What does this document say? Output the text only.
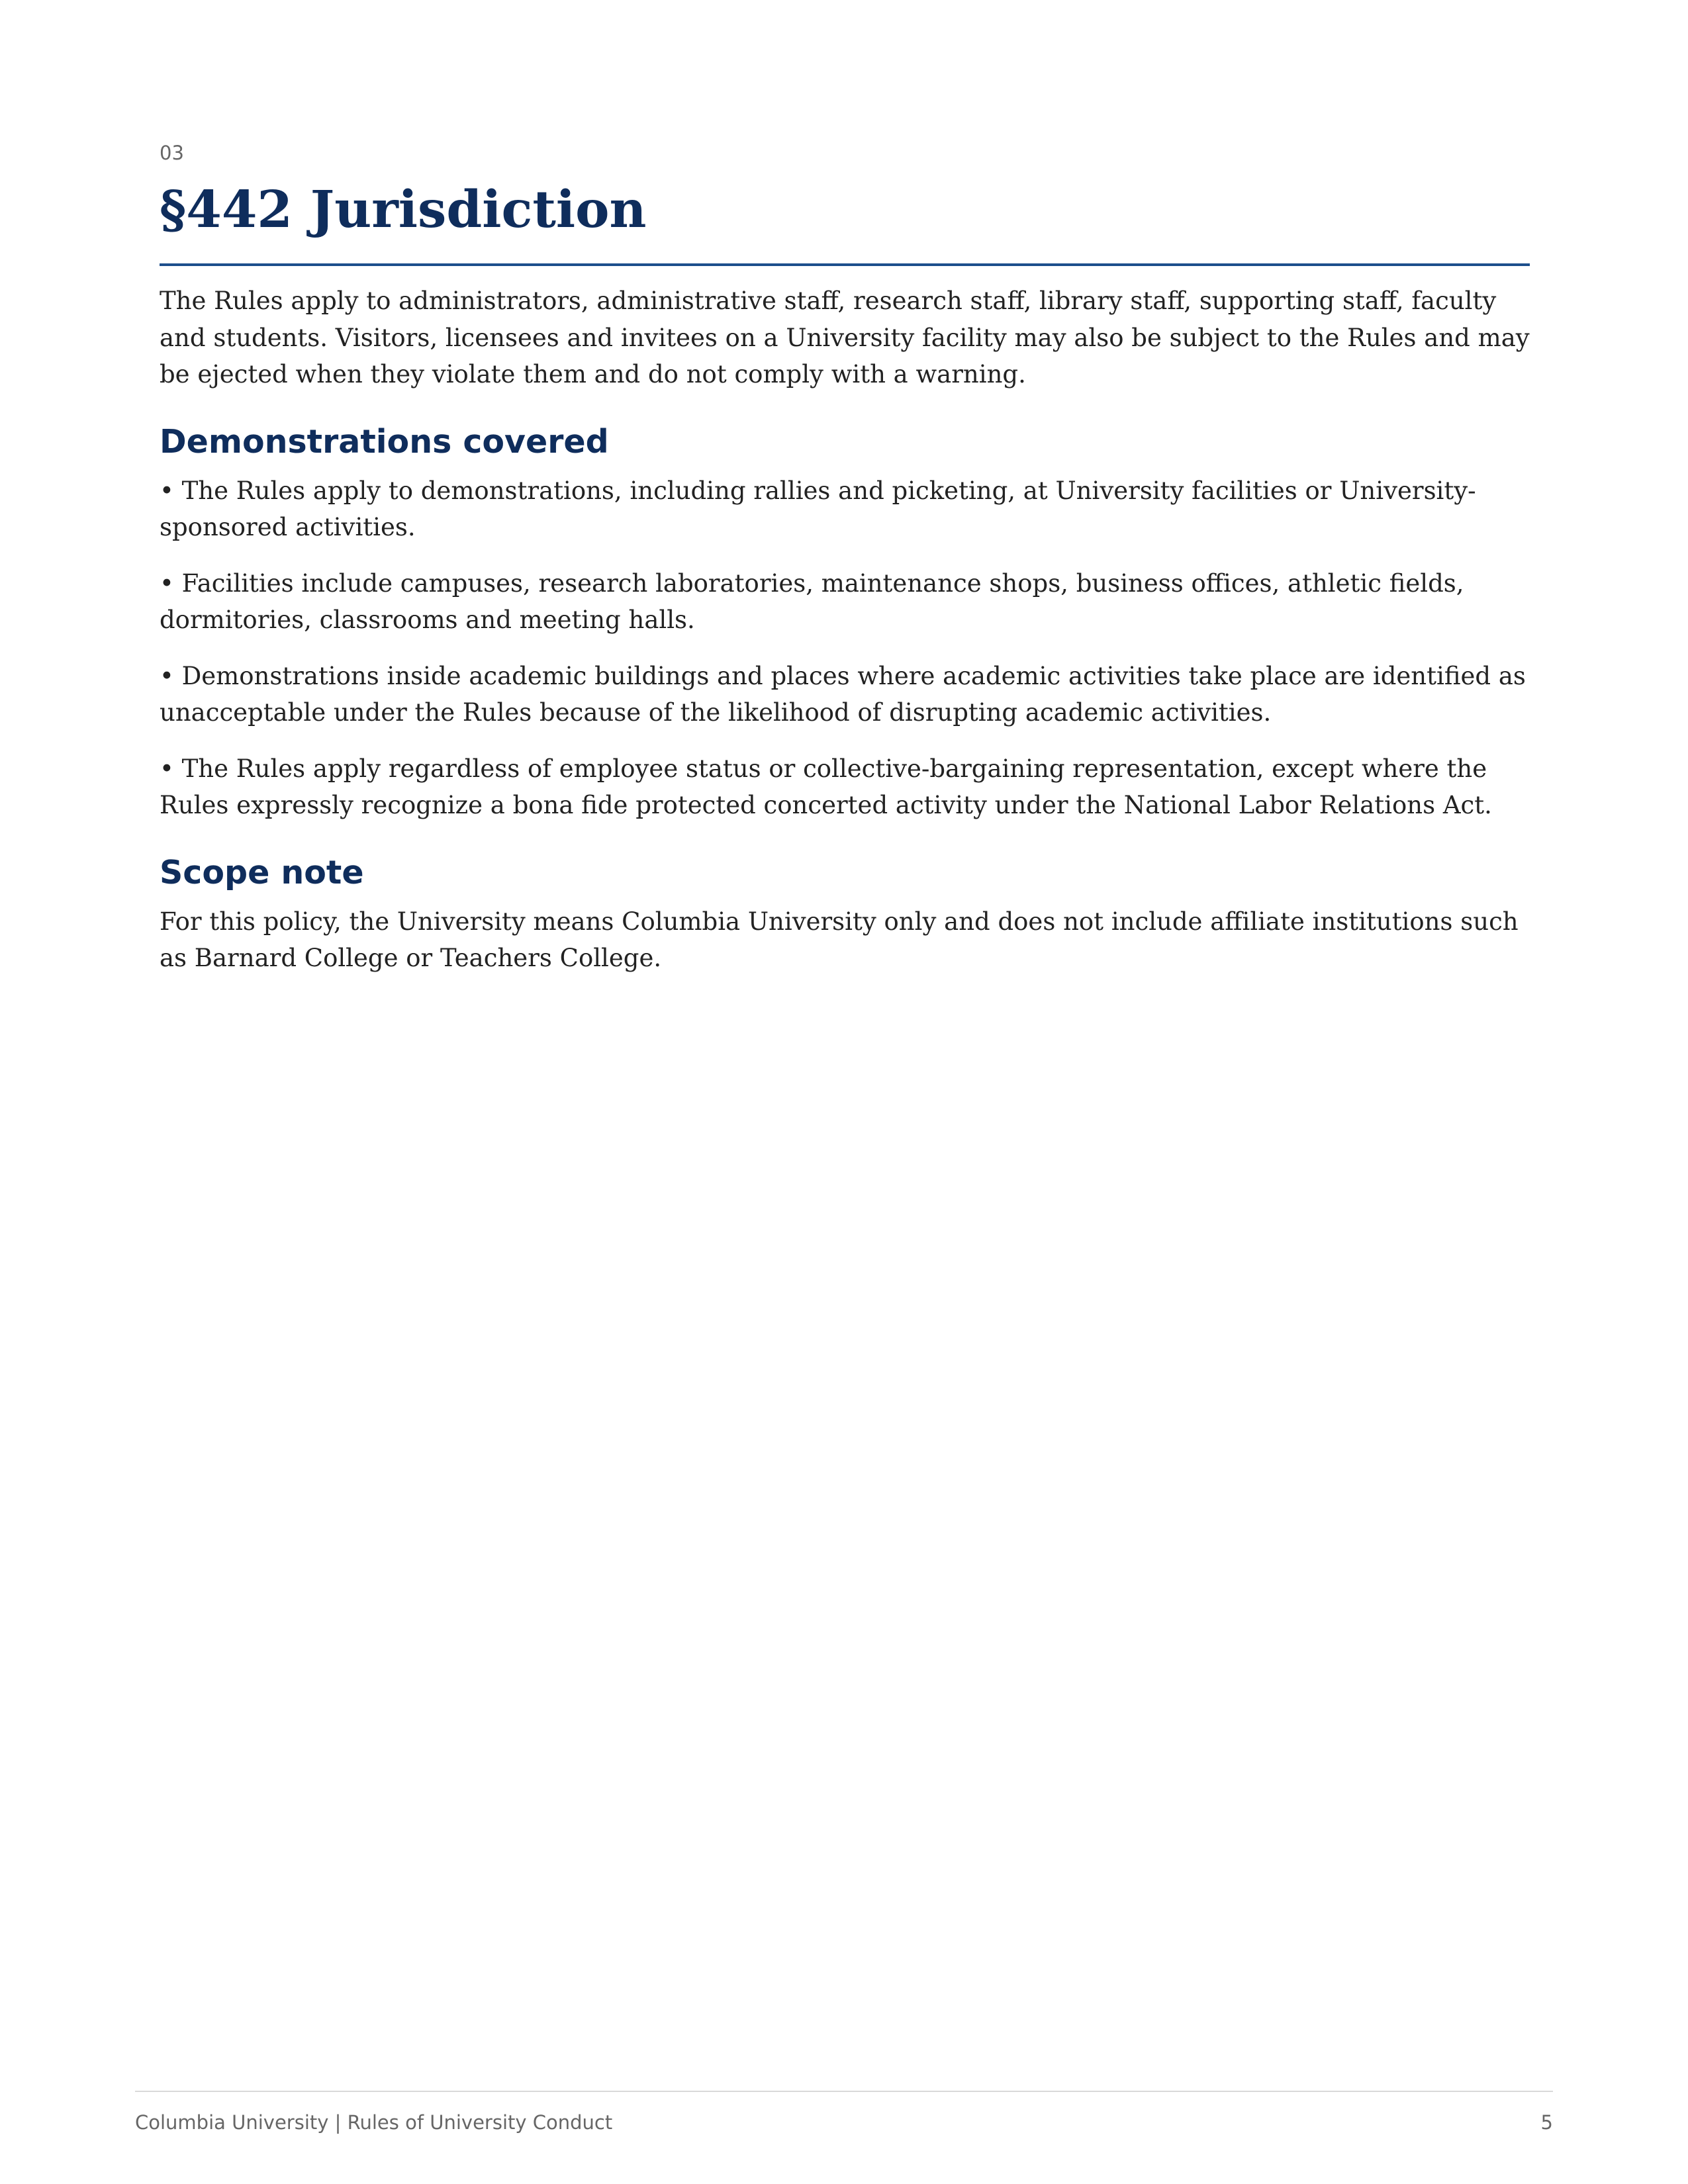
03

§442 Jurisdiction

The Rules apply to administrators, administrative staff, research staff, library staff, supporting staff, faculty and students. Visitors, licensees and invitees on a University facility may also be subject to the Rules and may be ejected when they violate them and do not comply with a warning.

Demonstrations covered

• The Rules apply to demonstrations, including rallies and picketing, at University facilities or University-sponsored activities.

• Facilities include campuses, research laboratories, maintenance shops, business offices, athletic fields, dormitories, classrooms and meeting halls.

• Demonstrations inside academic buildings and places where academic activities take place are identified as unacceptable under the Rules because of the likelihood of disrupting academic activities.

• The Rules apply regardless of employee status or collective-bargaining representation, except where the Rules expressly recognize a bona fide protected concerted activity under the National Labor Relations Act.

Scope note

For this policy, the University means Columbia University only and does not include affiliate institutions such as Barnard College or Teachers College.

Columbia University | Rules of University Conduct	5
